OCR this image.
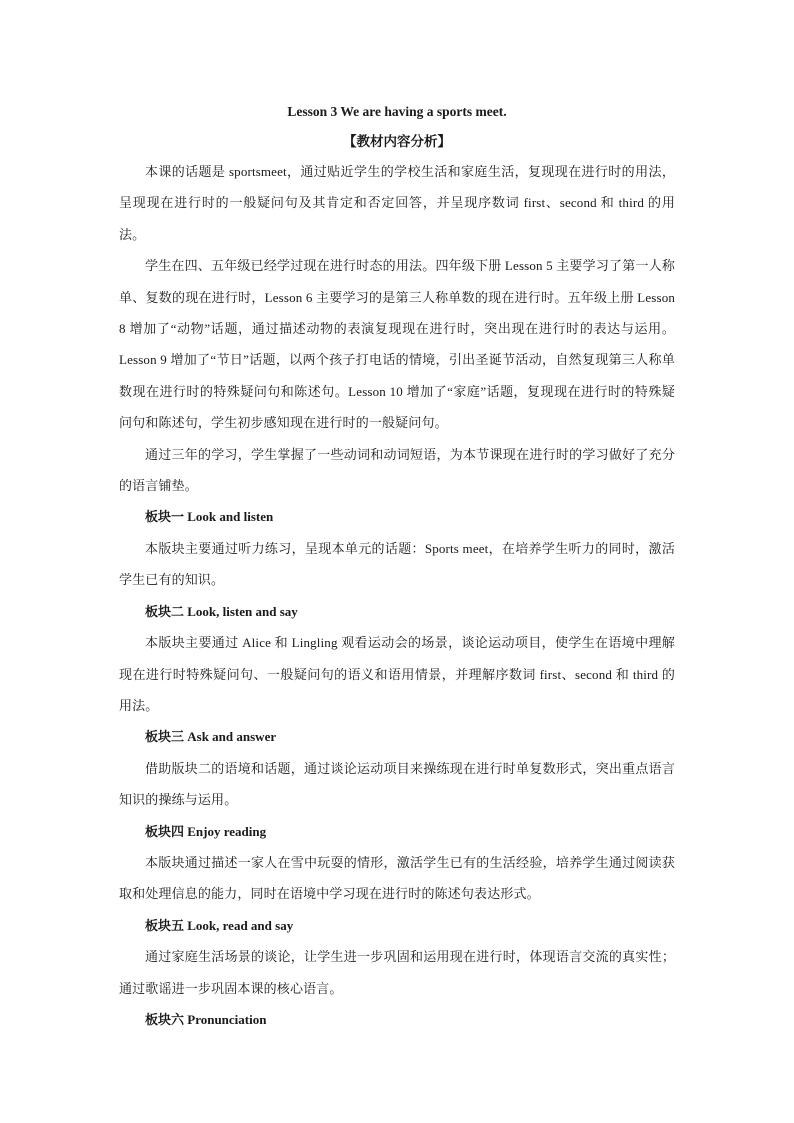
Lesson 3 We are having a sports meet.

【教材内容分析】

本课的话题是 sportsmeet，通过贴近学生的学校生活和家庭生活，复现现在进行时的用法，呈现现在进行时的一般疑问句及其肯定和否定回答，并呈现序数词 first、second 和 third 的用法。

学生在四、五年级已经学过现在进行时态的用法。四年级下册 Lesson 5 主要学习了第一人称单、复数的现在进行时，Lesson 6 主要学习的是第三人称单数的现在进行时。五年级上册 Lesson 8 增加了“动物”话题，通过描述动物的表演复现现在进行时，突出现在进行时的表达与运用。Lesson 9 增加了“节日”话题，以两个孩子打电话的情境，引出圣诞节活动，自然复现第三人称单数现在进行时的特殊疑问句和陈述句。Lesson 10 增加了“家庭”话题，复现现在进行时的特殊疑问句和陈述句，学生初步感知现在进行时的一般疑问句。

通过三年的学习，学生掌握了一些动词和动词短语，为本节课现在进行时的学习做好了充分的语言铺垫。

板块一 Look and listen

本版块主要通过听力练习，呈现本单元的话题：Sports meet，在培养学生听力的同时，激活学生已有的知识。

板块二 Look, listen and say

本版块主要通过 Alice 和 Lingling 观看运动会的场景，谈论运动项目，使学生在语境中理解现在进行时特殊疑问句、一般疑问句的语义和语用情景，并理解序数词 first、second 和 third 的用法。

板块三 Ask and answer

借助版块二的语境和话题，通过谈论运动项目来操练现在进行时单复数形式，突出重点语言知识的操练与运用。

板块四 Enjoy reading

本版块通过描述一家人在雪中玩耍的情形，激活学生已有的生活经验，培养学生通过阅读获取和处理信息的能力，同时在语境中学习现在进行时的陈述句表达形式。

板块五 Look, read and say

通过家庭生活场景的谈论，让学生进一步巩固和运用现在进行时，体现语言交流的真实性；通过歌谣进一步巩固本课的核心语言。

板块六 Pronunciation
